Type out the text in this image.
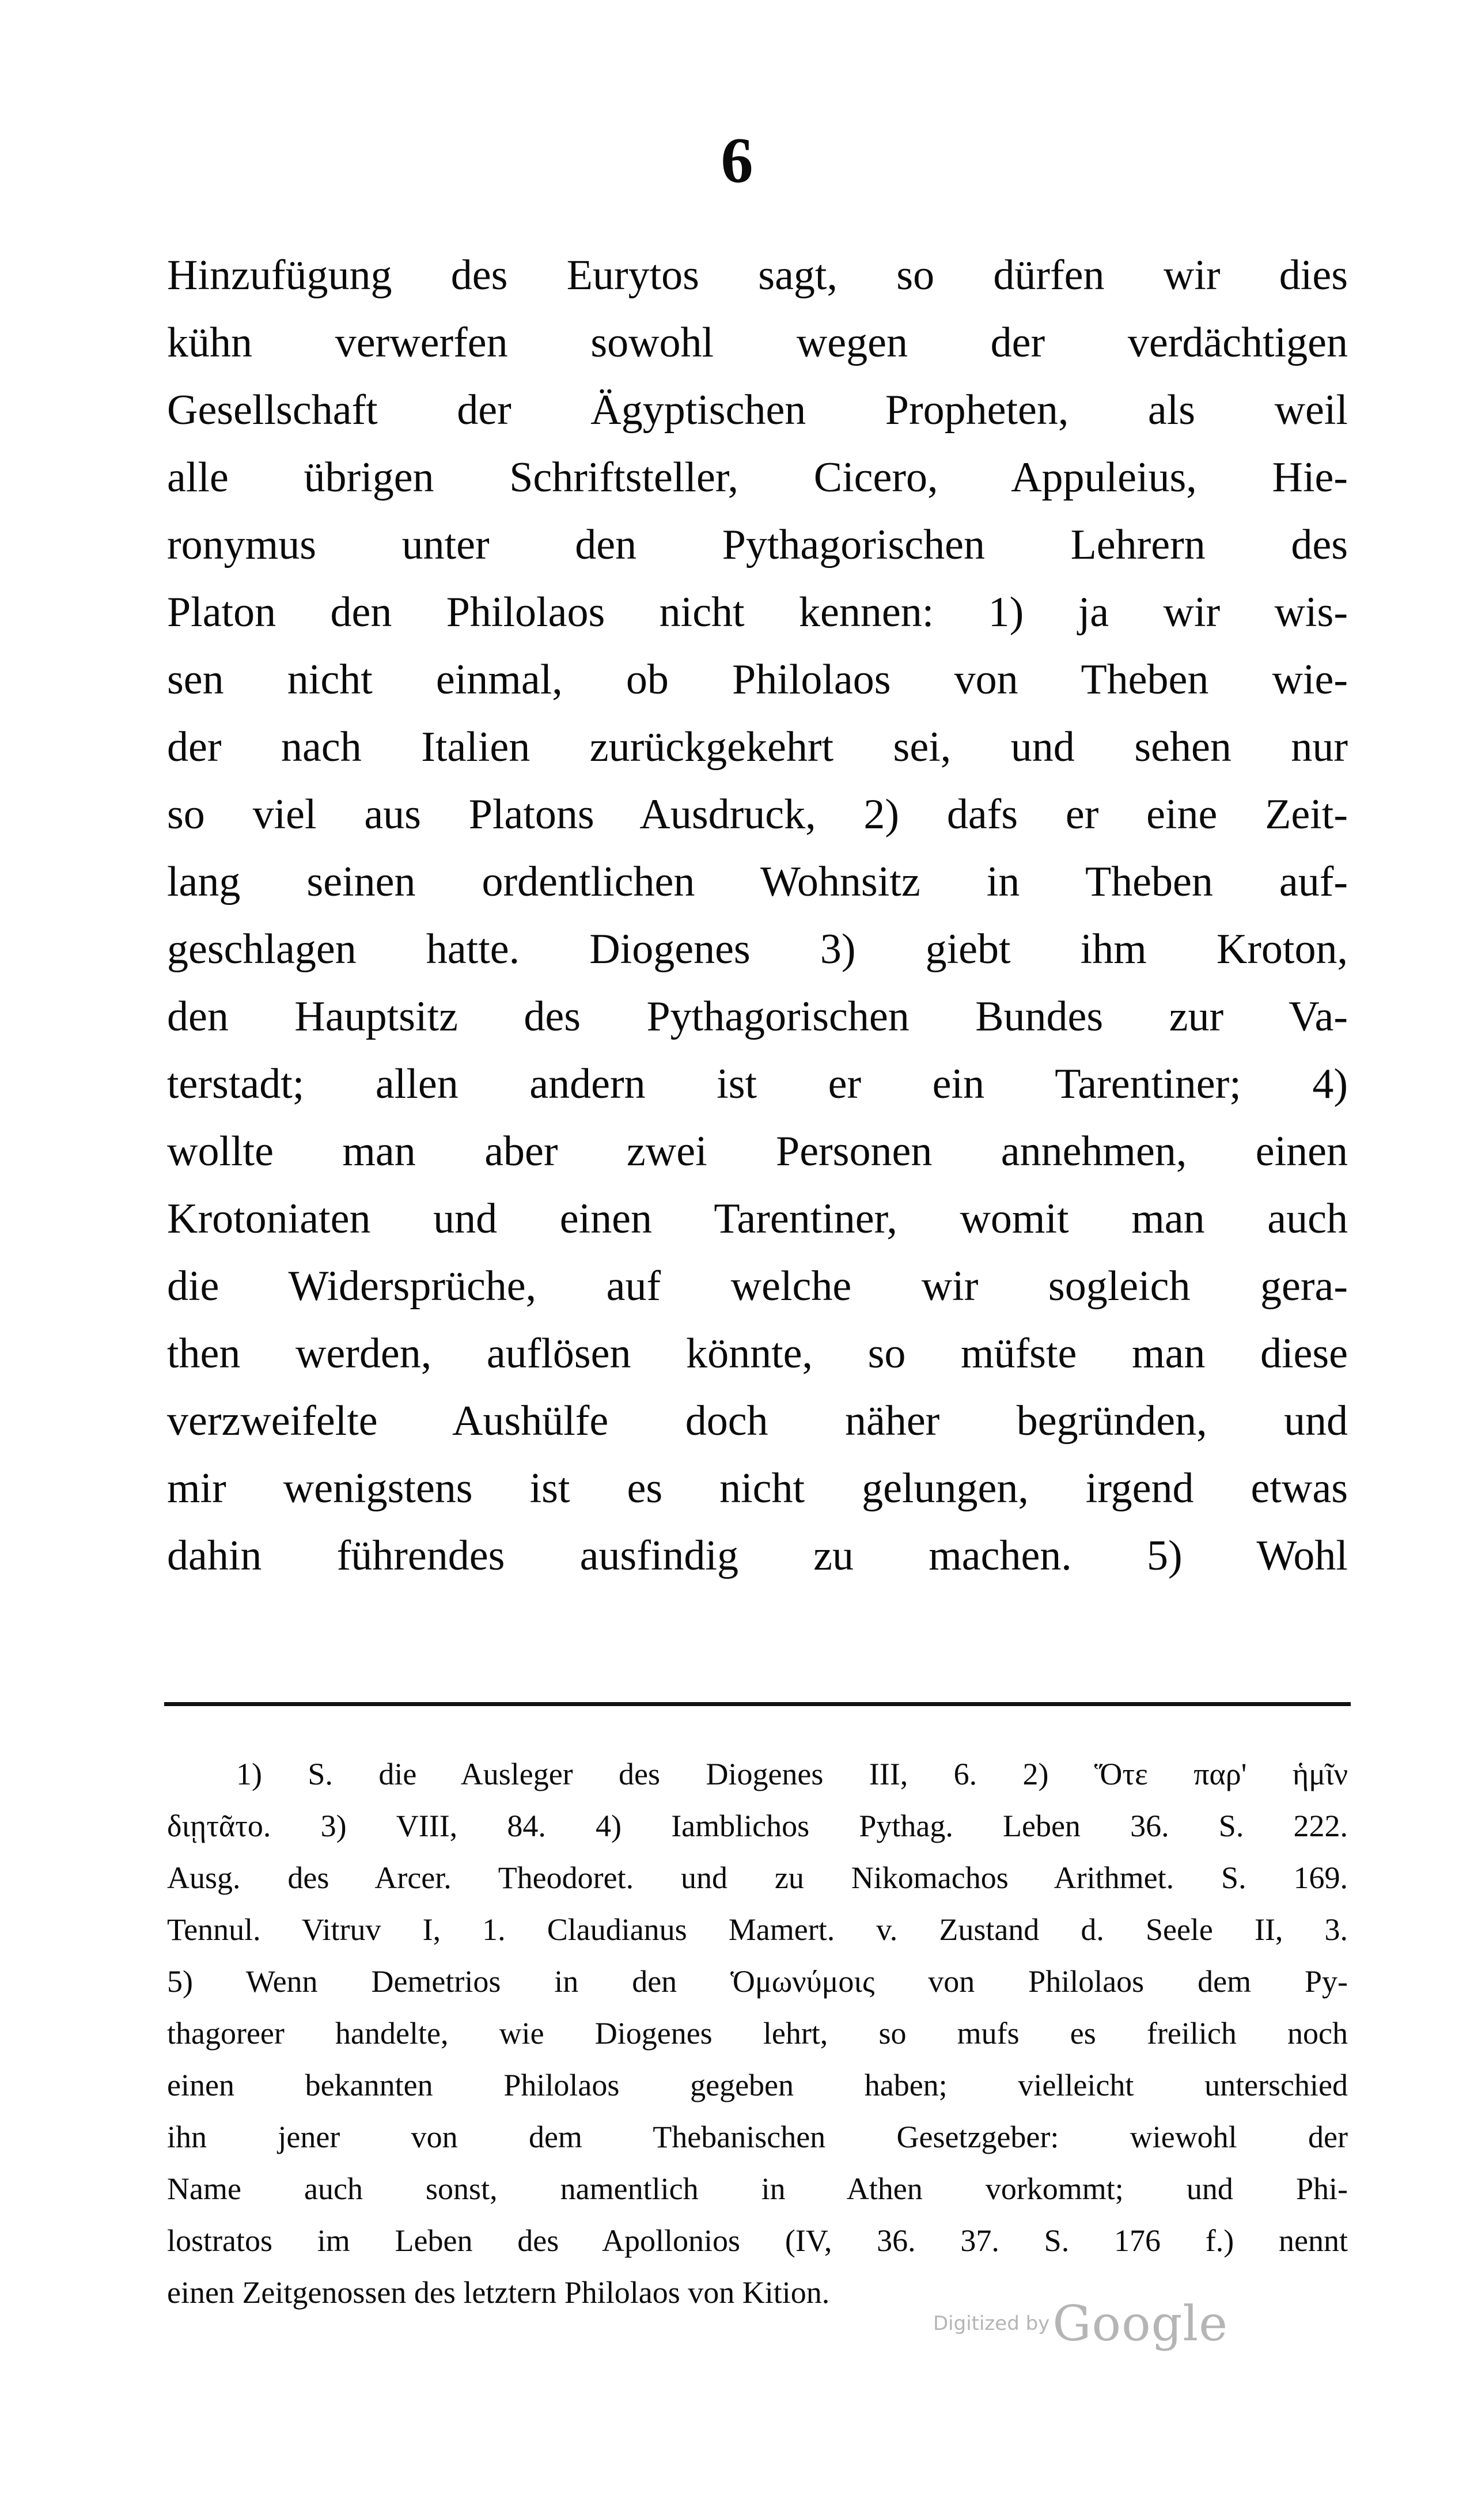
6
Hinzufügung des Eurytos sagt, so dürfen wir dies
kühn verwerfen sowohl wegen der verdächtigen
Gesellschaft der Ägyptischen Propheten, als weil
alle übrigen Schriftsteller, Cicero, Appuleius, Hie-
ronymus unter den Pythagorischen Lehrern des
Platon den Philolaos nicht kennen: 1) ja wir wis-
sen nicht einmal, ob Philolaos von Theben wie-
der nach Italien zurückgekehrt sei, und sehen nur
so viel aus Platons Ausdruck, 2) dafs er eine Zeit-
lang seinen ordentlichen Wohnsitz in Theben auf-
geschlagen hatte. Diogenes 3) giebt ihm Kroton,
den Hauptsitz des Pythagorischen Bundes zur Va-
terstadt; allen andern ist er ein Tarentiner; 4)
wollte man aber zwei Personen annehmen, einen
Krotoniaten und einen Tarentiner, womit man auch
die Widersprüche, auf welche wir sogleich gera-
then werden, auflösen könnte, so müfste man diese
verzweifelte Aushülfe doch näher begründen, und
mir wenigstens ist es nicht gelungen, irgend etwas
dahin führendes ausfindig zu machen. 5) Wohl
1) S. die Ausleger des Diogenes III, 6. 2) Ὅτε παρ' ἡμῖν
διῃτᾶτο. 3) VIII, 84. 4) Iamblichos Pythag. Leben 36. S. 222.
Ausg. des Arcer. Theodoret. und zu Nikomachos Arithmet. S. 169.
Tennul. Vitruv I, 1. Claudianus Mamert. v. Zustand d. Seele II, 3.
5) Wenn Demetrios in den Ὁμωνύμοις von Philolaos dem Py-
thagoreer handelte, wie Diogenes lehrt, so mufs es freilich noch
einen bekannten Philolaos gegeben haben; vielleicht unterschied
ihn jener von dem Thebanischen Gesetzgeber: wiewohl der
Name auch sonst, namentlich in Athen vorkommt; und Phi-
lostratos im Leben des Apollonios (IV, 36. 37. S. 176 f.) nennt
einen Zeitgenossen des letztern Philolaos von Kition.
Digitized by Google
